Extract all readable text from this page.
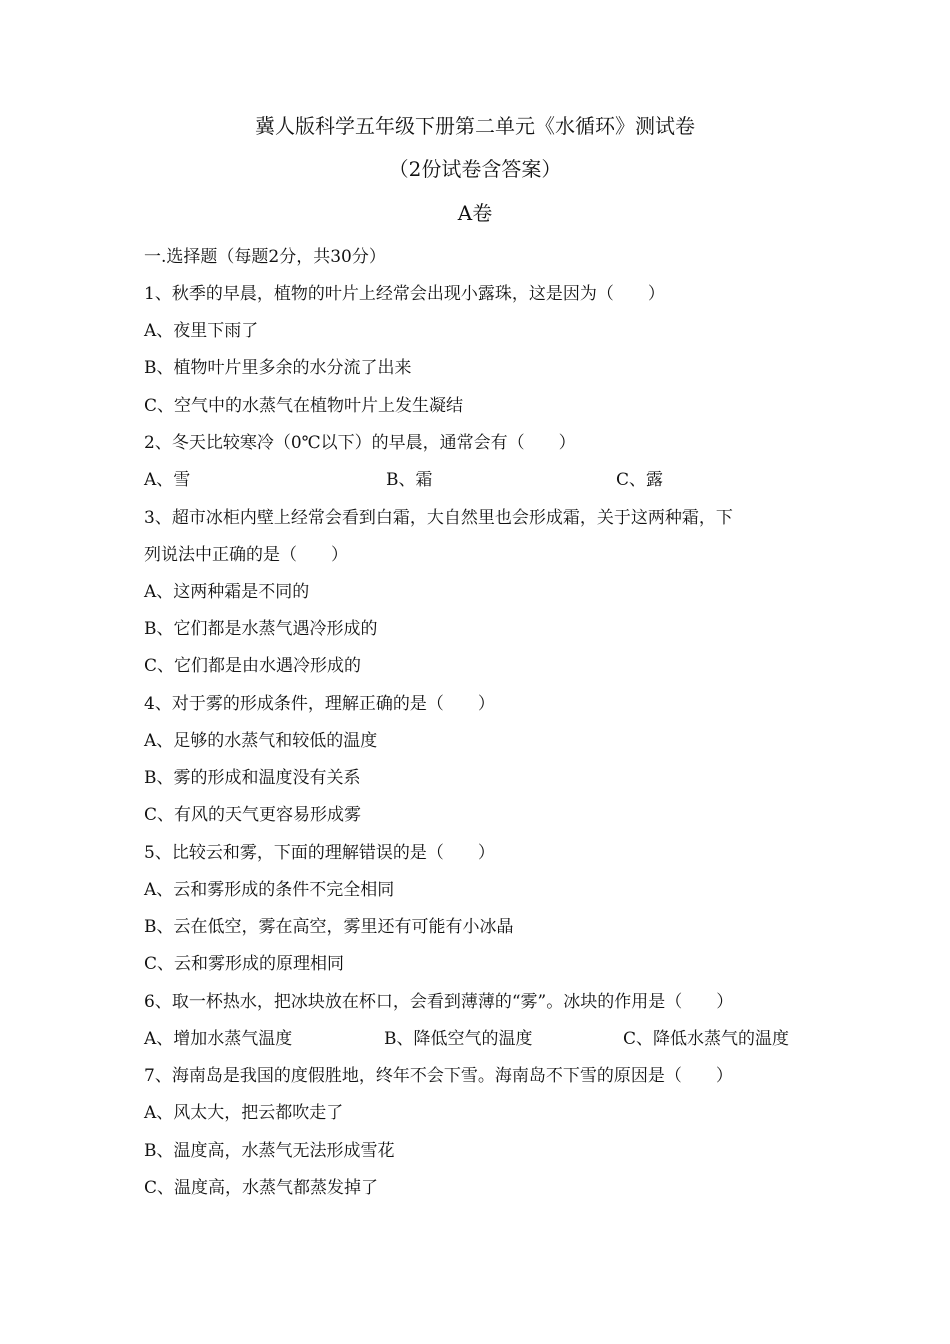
冀人版科学五年级下册第二单元《水循环》测试卷
（2份试卷含答案）
A卷
一.选择题（每题2分，共30分）
1、秋季的早晨，植物的叶片上经常会出现小露珠，这是因为（　　）
A、夜里下雨了
B、植物叶片里多余的水分流了出来
C、空气中的水蒸气在植物叶片上发生凝结
2、冬天比较寒冷（0℃以下）的早晨，通常会有（　　）
A、雪	B、霜	C、露
3、超市冰柜内壁上经常会看到白霜，大自然里也会形成霜，关于这两种霜，下
列说法中正确的是（　　）
A、这两种霜是不同的
B、它们都是水蒸气遇冷形成的
C、它们都是由水遇冷形成的
4、对于雾的形成条件，理解正确的是（　　）
A、足够的水蒸气和较低的温度
B、雾的形成和温度没有关系
C、有风的天气更容易形成雾
5、比较云和雾，下面的理解错误的是（　　）
A、云和雾形成的条件不完全相同
B、云在低空，雾在高空，雾里还有可能有小冰晶
C、云和雾形成的原理相同
6、取一杯热水，把冰块放在杯口，会看到薄薄的“雾”。冰块的作用是（　　）
A、增加水蒸气温度	B、降低空气的温度	C、降低水蒸气的温度
7、海南岛是我国的度假胜地，终年不会下雪。海南岛不下雪的原因是（　　）
A、风太大，把云都吹走了
B、温度高，水蒸气无法形成雪花
C、温度高，水蒸气都蒸发掉了
